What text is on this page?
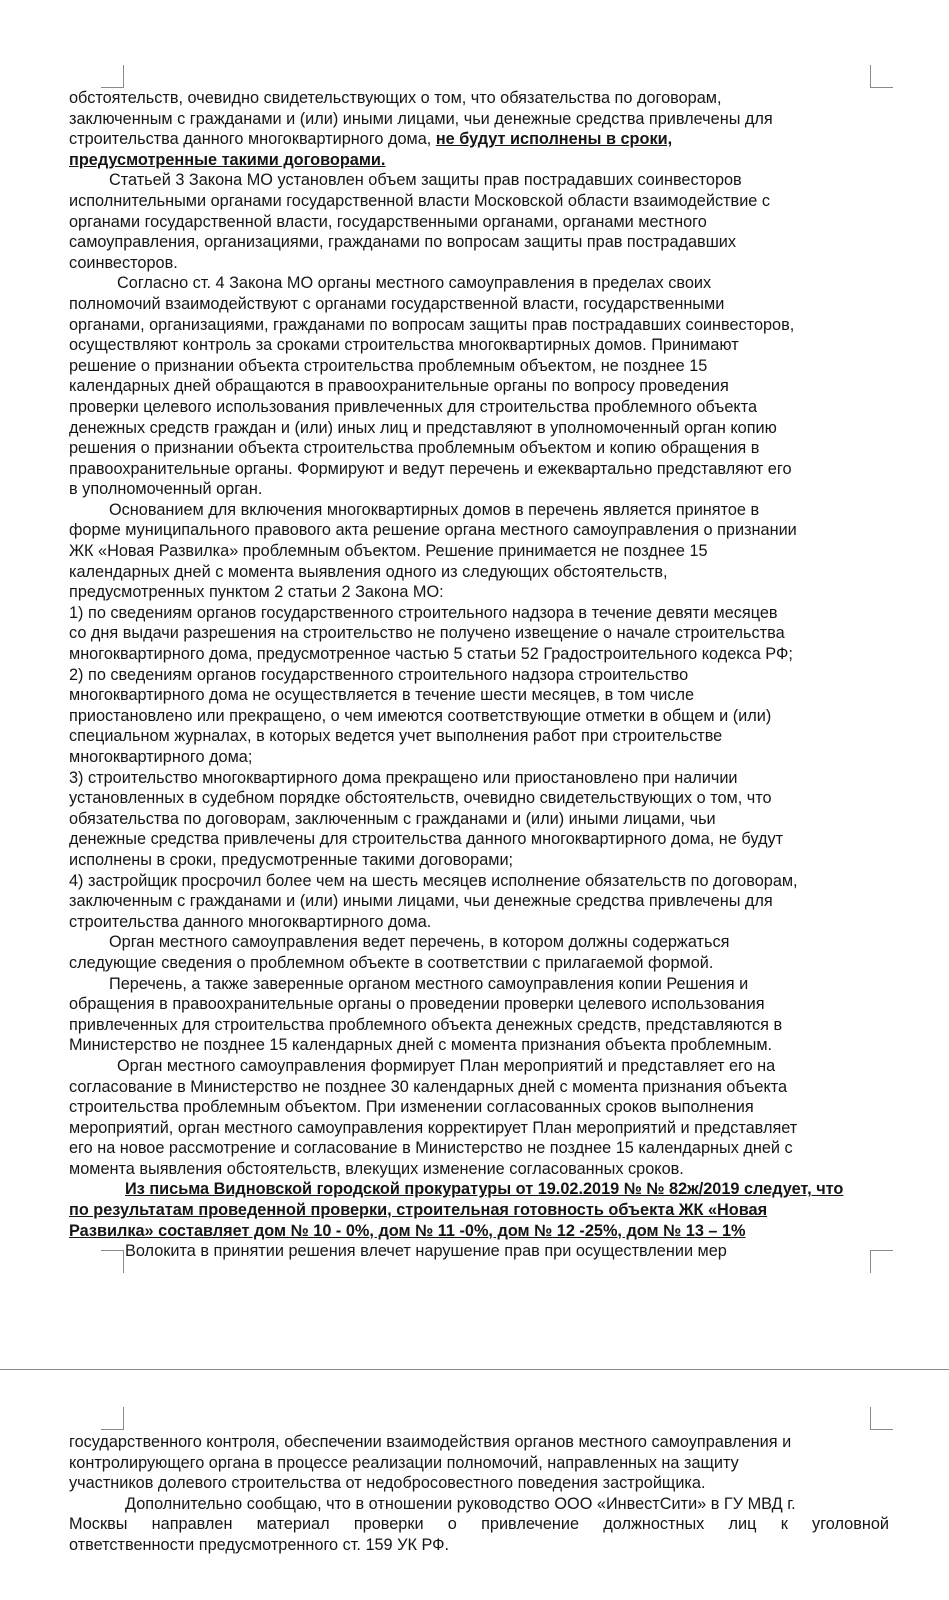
обстоятельств, очевидно свидетельствующих о том, что обязательства по договорам,
заключенным с гражданами и (или) иными лицами, чьи денежные средства привлечены для
строительства данного многоквартирного дома, не будут исполнены в сроки,
предусмотренные такими договорами.
Статьей 3 Закона МО установлен объем защиты прав пострадавших соинвесторов
исполнительными органами государственной власти Московской области взаимодействие с
органами государственной власти, государственными органами, органами местного
самоуправления, организациями, гражданами по вопросам защиты прав пострадавших
соинвесторов.
Согласно ст. 4 Закона МО органы местного самоуправления в пределах своих
полномочий взаимодействуют с органами государственной власти, государственными
органами, организациями, гражданами по вопросам защиты прав пострадавших соинвесторов,
осуществляют контроль за сроками строительства многоквартирных домов. Принимают
решение о признании объекта строительства проблемным объектом, не позднее 15
календарных дней обращаются в правоохранительные органы по вопросу проведения
проверки целевого использования привлеченных для строительства проблемного объекта
денежных средств граждан и (или) иных лиц и представляют в уполномоченный орган копию
решения о признании объекта строительства проблемным объектом и копию обращения в
правоохранительные органы. Формируют и ведут перечень и ежеквартально представляют его
в уполномоченный орган.
Основанием для включения многоквартирных домов в перечень является принятое в
форме муниципального правового акта решение органа местного самоуправления о признании
ЖК «Новая Развилка» проблемным объектом. Решение принимается не позднее 15
календарных дней с момента выявления одного из следующих обстоятельств,
предусмотренных пунктом 2 статьи 2 Закона МО:
1) по сведениям органов государственного строительного надзора в течение девяти месяцев
со дня выдачи разрешения на строительство не получено извещение о начале строительства
многоквартирного дома, предусмотренное частью 5 статьи 52 Градостроительного кодекса РФ;
2) по сведениям органов государственного строительного надзора строительство
многоквартирного дома не осуществляется в течение шести месяцев, в том числе
приостановлено или прекращено, о чем имеются соответствующие отметки в общем и (или)
специальном журналах, в которых ведется учет выполнения работ при строительстве
многоквартирного дома;
3) строительство многоквартирного дома прекращено или приостановлено при наличии
установленных в судебном порядке обстоятельств, очевидно свидетельствующих о том, что
обязательства по договорам, заключенным с гражданами и (или) иными лицами, чьи
денежные средства привлечены для строительства данного многоквартирного дома, не будут
исполнены в сроки, предусмотренные такими договорами;
4) застройщик просрочил более чем на шесть месяцев исполнение обязательств по договорам,
заключенным с гражданами и (или) иными лицами, чьи денежные средства привлечены для
строительства данного многоквартирного дома.
Орган местного самоуправления ведет перечень, в котором должны содержаться
следующие сведения о проблемном объекте в соответствии с прилагаемой формой.
Перечень, а также заверенные органом местного самоуправления копии Решения и
обращения в правоохранительные органы о проведении проверки целевого использования
привлеченных для строительства проблемного объекта денежных средств, представляются в
Министерство не позднее 15 календарных дней с момента признания объекта проблемным.
Орган местного самоуправления формирует План мероприятий и представляет его на
согласование в Министерство не позднее 30 календарных дней с момента признания объекта
строительства проблемным объектом. При изменении согласованных сроков выполнения
мероприятий, орган местного самоуправления корректирует План мероприятий и представляет
его на новое рассмотрение и согласование в Министерство не позднее 15 календарных дней с
момента выявления обстоятельств, влекущих изменение согласованных сроков.
Из письма Видновской городской прокуратуры от 19.02.2019 № № 82ж/2019 следует, что
по результатам проведенной проверки, строительная готовность объекта ЖК «Новая
Развилка» составляет дом № 10 - 0%, дом № 11 -0%, дом № 12 -25%, дом № 13 – 1%
Волокита в принятии решения влечет нарушение прав при осуществлении мер
государственного контроля, обеспечении взаимодействия органов местного самоуправления и
контролирующего органа в процессе реализации полномочий, направленных на защиту
участников долевого строительства от недобросовестного поведения застройщика.
Дополнительно сообщаю, что в отношении руководство ООО «ИнвестСити» в ГУ МВД г.
Москвы направлен материал проверки о привлечение должностных лиц к уголовной
ответственности предусмотренного ст. 159 УК РФ.
